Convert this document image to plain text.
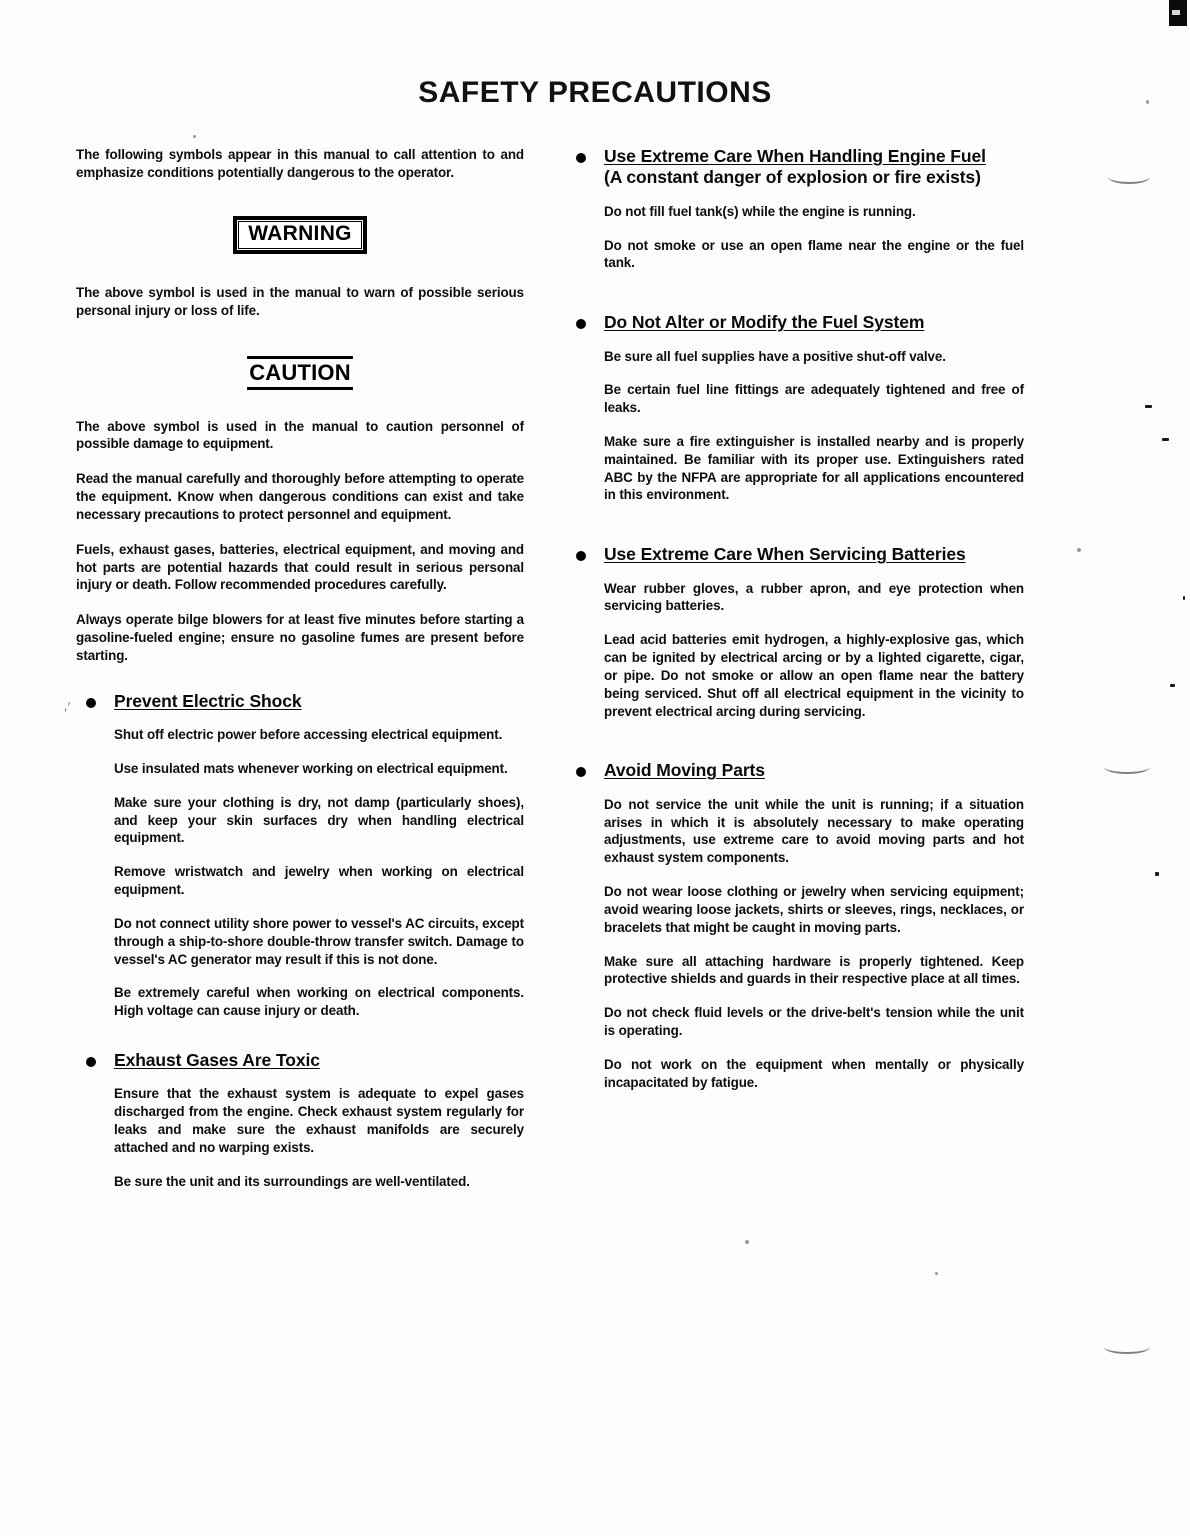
SAFETY PRECAUTIONS

The following symbols appear in this manual to call attention to and emphasize conditions potentially dangerous to the operator.

WARNING

The above symbol is used in the manual to warn of possible serious personal injury or loss of life.

CAUTION

The above symbol is used in the manual to caution personnel of possible damage to equipment.

Read the manual carefully and thoroughly before attempting to operate the equipment. Know when dangerous conditions can exist and take necessary precautions to protect personnel and equipment.

Fuels, exhaust gases, batteries, electrical equipment, and moving and hot parts are potential hazards that could result in serious personal injury or death. Follow recommended procedures carefully.

Always operate bilge blowers for at least five minutes before starting a gasoline-fueled engine; ensure no gasoline fumes are present before starting.

,′ Prevent Electric Shock

Shut off electric power before accessing electrical equipment.

Use insulated mats whenever working on electrical equipment.

Make sure your clothing is dry, not damp (particularly shoes), and keep your skin surfaces dry when handling electrical equipment.

Remove wristwatch and jewelry when working on electrical equipment.

Do not connect utility shore power to vessel's AC circuits, except through a ship-to-shore double-throw transfer switch. Damage to vessel's AC generator may result if this is not done.

Be extremely careful when working on electrical components. High voltage can cause injury or death.

Exhaust Gases Are Toxic

Ensure that the exhaust system is adequate to expel gases discharged from the engine. Check exhaust system regularly for leaks and make sure the exhaust manifolds are securely attached and no warping exists.

Be sure the unit and its surroundings are well-ventilated.

Use Extreme Care When Handling Engine Fuel
(A constant danger of explosion or fire exists)

Do not fill fuel tank(s) while the engine is running.

Do not smoke or use an open flame near the engine or the fuel tank.

Do Not Alter or Modify the Fuel System

Be sure all fuel supplies have a positive shut-off valve.

Be certain fuel line fittings are adequately tightened and free of leaks.

Make sure a fire extinguisher is installed nearby and is properly maintained. Be familiar with its proper use. Extinguishers rated ABC by the NFPA are appropriate for all applications encountered in this environment.

Use Extreme Care When Servicing Batteries

Wear rubber gloves, a rubber apron, and eye protection when servicing batteries.

Lead acid batteries emit hydrogen, a highly-explosive gas, which can be ignited by electrical arcing or by a lighted cigarette, cigar, or pipe. Do not smoke or allow an open flame near the battery being serviced. Shut off all electrical equipment in the vicinity to prevent electrical arcing during servicing.

Avoid Moving Parts

Do not service the unit while the unit is running; if a situation arises in which it is absolutely necessary to make operating adjustments, use extreme care to avoid moving parts and hot exhaust system components.

Do not wear loose clothing or jewelry when servicing equipment; avoid wearing loose jackets, shirts or sleeves, rings, necklaces, or bracelets that might be caught in moving parts.

Make sure all attaching hardware is properly tightened. Keep protective shields and guards in their respective place at all times.

Do not check fluid levels or the drive-belt's tension while the unit is operating.

Do not work on the equipment when mentally or physically incapacitated by fatigue.
